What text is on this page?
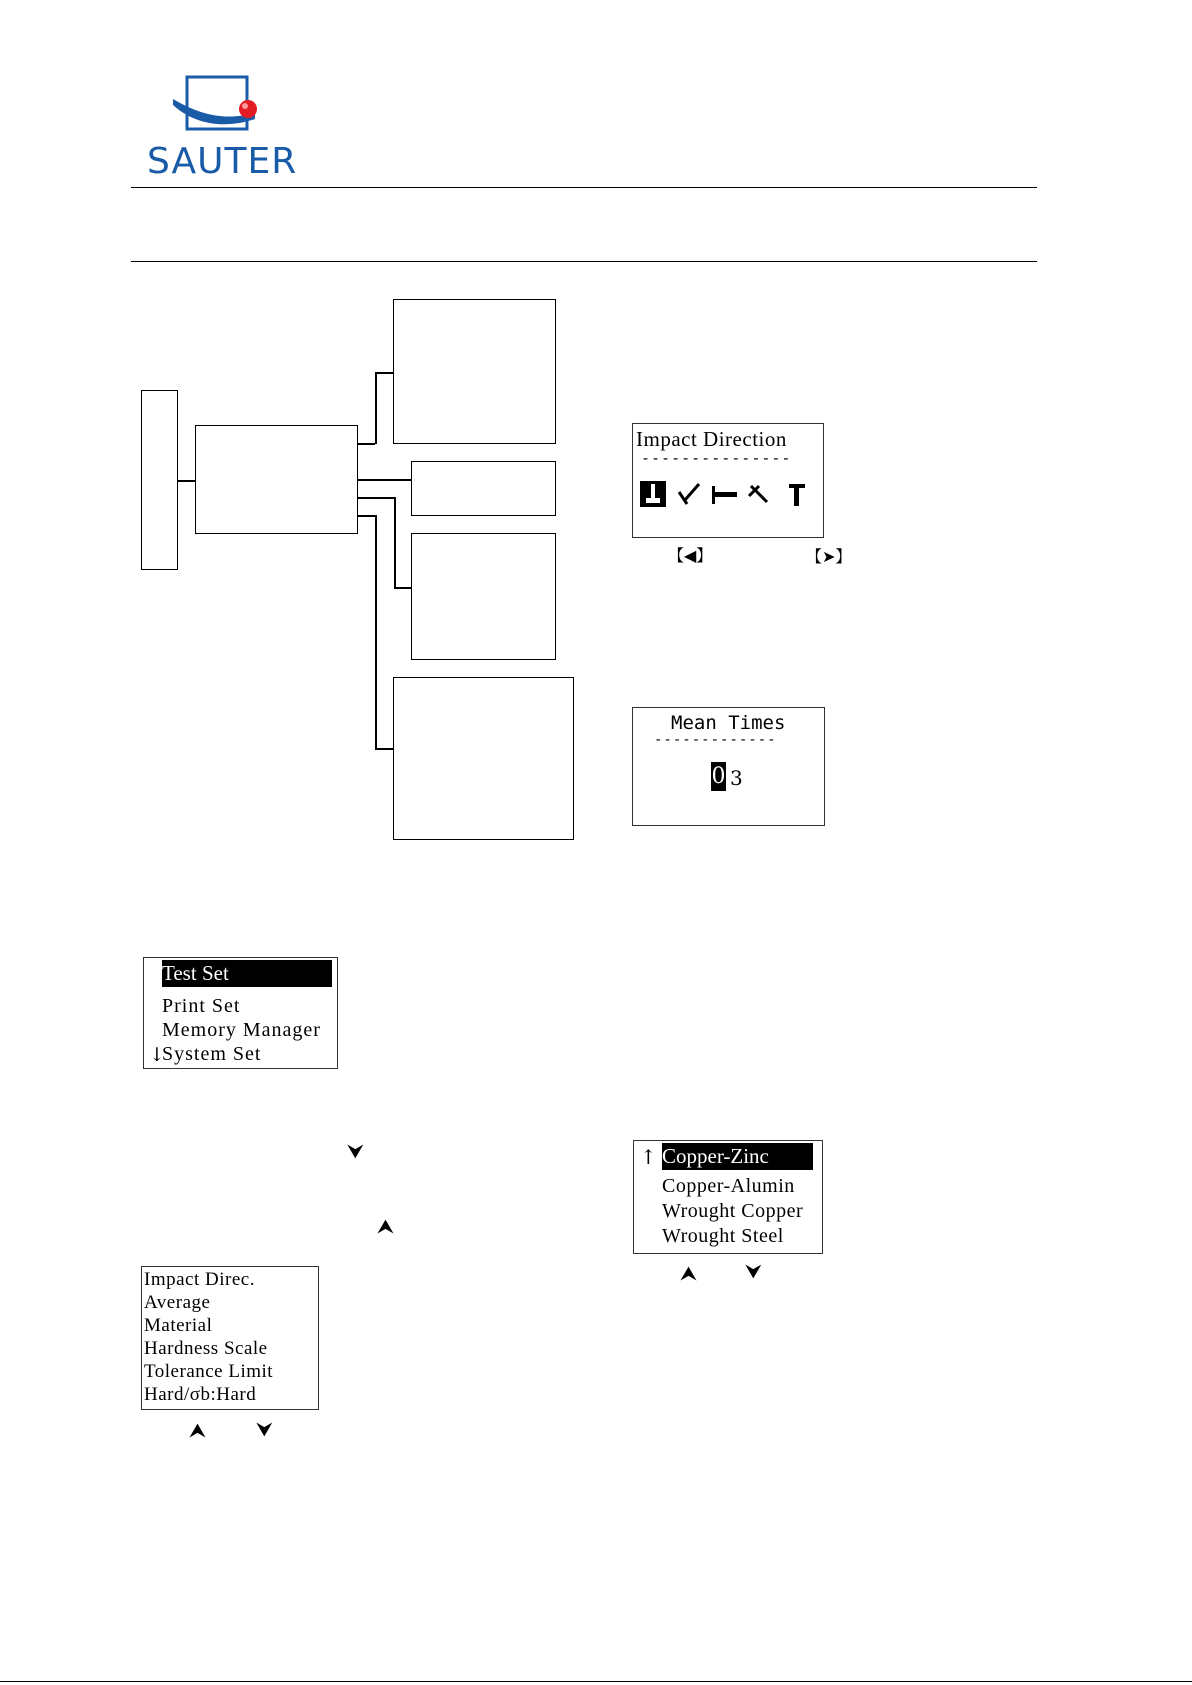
SAUTER
Impact Direction
---------------
【◀】	【➤】
Mean Times
-------------
0 3
Test Set
Print Set
Memory Manager
↓
System Set
⮟
⮝
Impact Direc.
Average
Material
Hardness Scale
Tolerance Limit
Hard/σb:Hard
⮝	⮟
↑ Copper-Zinc
Copper-Alumin
Wrought Copper
Wrought Steel
⮝ ⮟
